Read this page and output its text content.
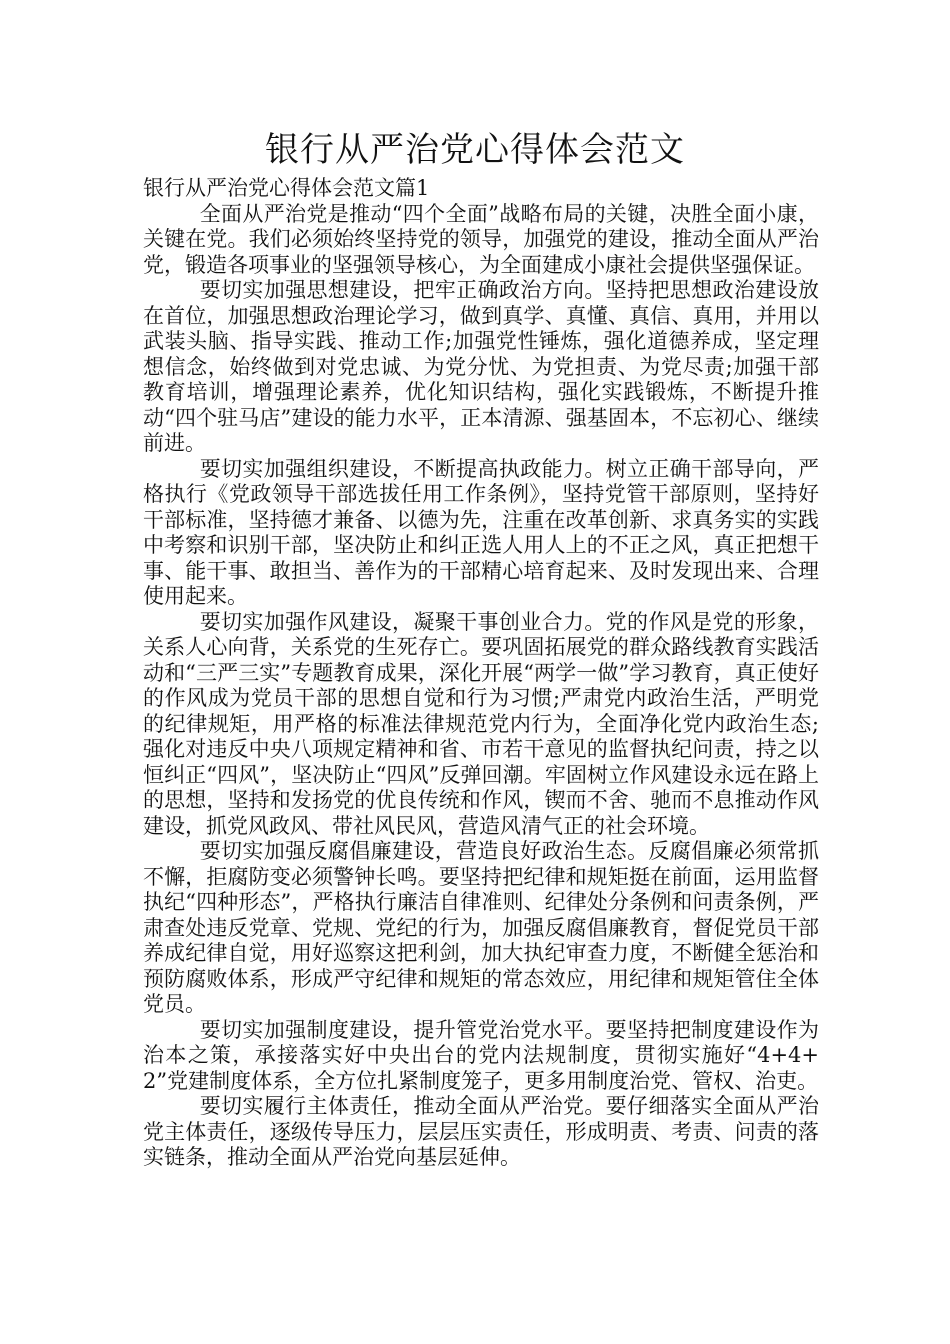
银行从严治党心得体会范文
银行从严治党心得体会范文篇1

全面从严治党是推动“四个全面”战略布局的关键，决胜全面小康，关键在党。我们必须始终坚持党的领导，加强党的建设，推动全面从严治党，锻造各项事业的坚强领导核心，为全面建成小康社会提供坚强保证。

要切实加强思想建设，把牢正确政治方向。坚持把思想政治建设放在首位，加强思想政治理论学习，做到真学、真懂、真信、真用，并用以武装头脑、指导实践、推动工作;加强党性锤炼，强化道德养成，坚定理想信念，始终做到对党忠诚、为党分忧、为党担责、为党尽责;加强干部教育培训，增强理论素养，优化知识结构，强化实践锻炼，不断提升推动“四个驻马店”建设的能力水平，正本清源、强基固本，不忘初心、继续前进。

要切实加强组织建设，不断提高执政能力。树立正确干部导向，严格执行《党政领导干部选拔任用工作条例》，坚持党管干部原则，坚持好干部标准，坚持德才兼备、以德为先，注重在改革创新、求真务实的实践中考察和识别干部，坚决防止和纠正选人用人上的不正之风，真正把想干事、能干事、敢担当、善作为的干部精心培育起来、及时发现出来、合理使用起来。

要切实加强作风建设，凝聚干事创业合力。党的作风是党的形象，关系人心向背，关系党的生死存亡。要巩固拓展党的群众路线教育实践活动和“三严三实”专题教育成果，深化开展“两学一做”学习教育，真正使好的作风成为党员干部的思想自觉和行为习惯;严肃党内政治生活，严明党的纪律规矩，用严格的标准法律规范党内行为，全面净化党内政治生态;强化对违反中央八项规定精神和省、市若干意见的监督执纪问责，持之以恒纠正“四风”，坚决防止“四风”反弹回潮。牢固树立作风建设永远在路上的思想，坚持和发扬党的优良传统和作风，锲而不舍、驰而不息推动作风建设，抓党风政风、带社风民风，营造风清气正的社会环境。

要切实加强反腐倡廉建设，营造良好政治生态。反腐倡廉必须常抓不懈，拒腐防变必须警钟长鸣。要坚持把纪律和规矩挺在前面，运用监督执纪“四种形态”，严格执行廉洁自律准则、纪律处分条例和问责条例，严肃查处违反党章、党规、党纪的行为，加强反腐倡廉教育，督促党员干部养成纪律自觉，用好巡察这把利剑，加大执纪审查力度，不断健全惩治和预防腐败体系，形成严守纪律和规矩的常态效应，用纪律和规矩管住全体党员。

要切实加强制度建设，提升管党治党水平。要坚持把制度建设作为治本之策，承接落实好中央出台的党内法规制度，贯彻实施好“4+4+2”党建制度体系，全方位扎紧制度笼子，更多用制度治党、管权、治吏。

要切实履行主体责任，推动全面从严治党。要仔细落实全面从严治党主体责任，逐级传导压力，层层压实责任，形成明责、考责、问责的落实链条，推动全面从严治党向基层延伸。
